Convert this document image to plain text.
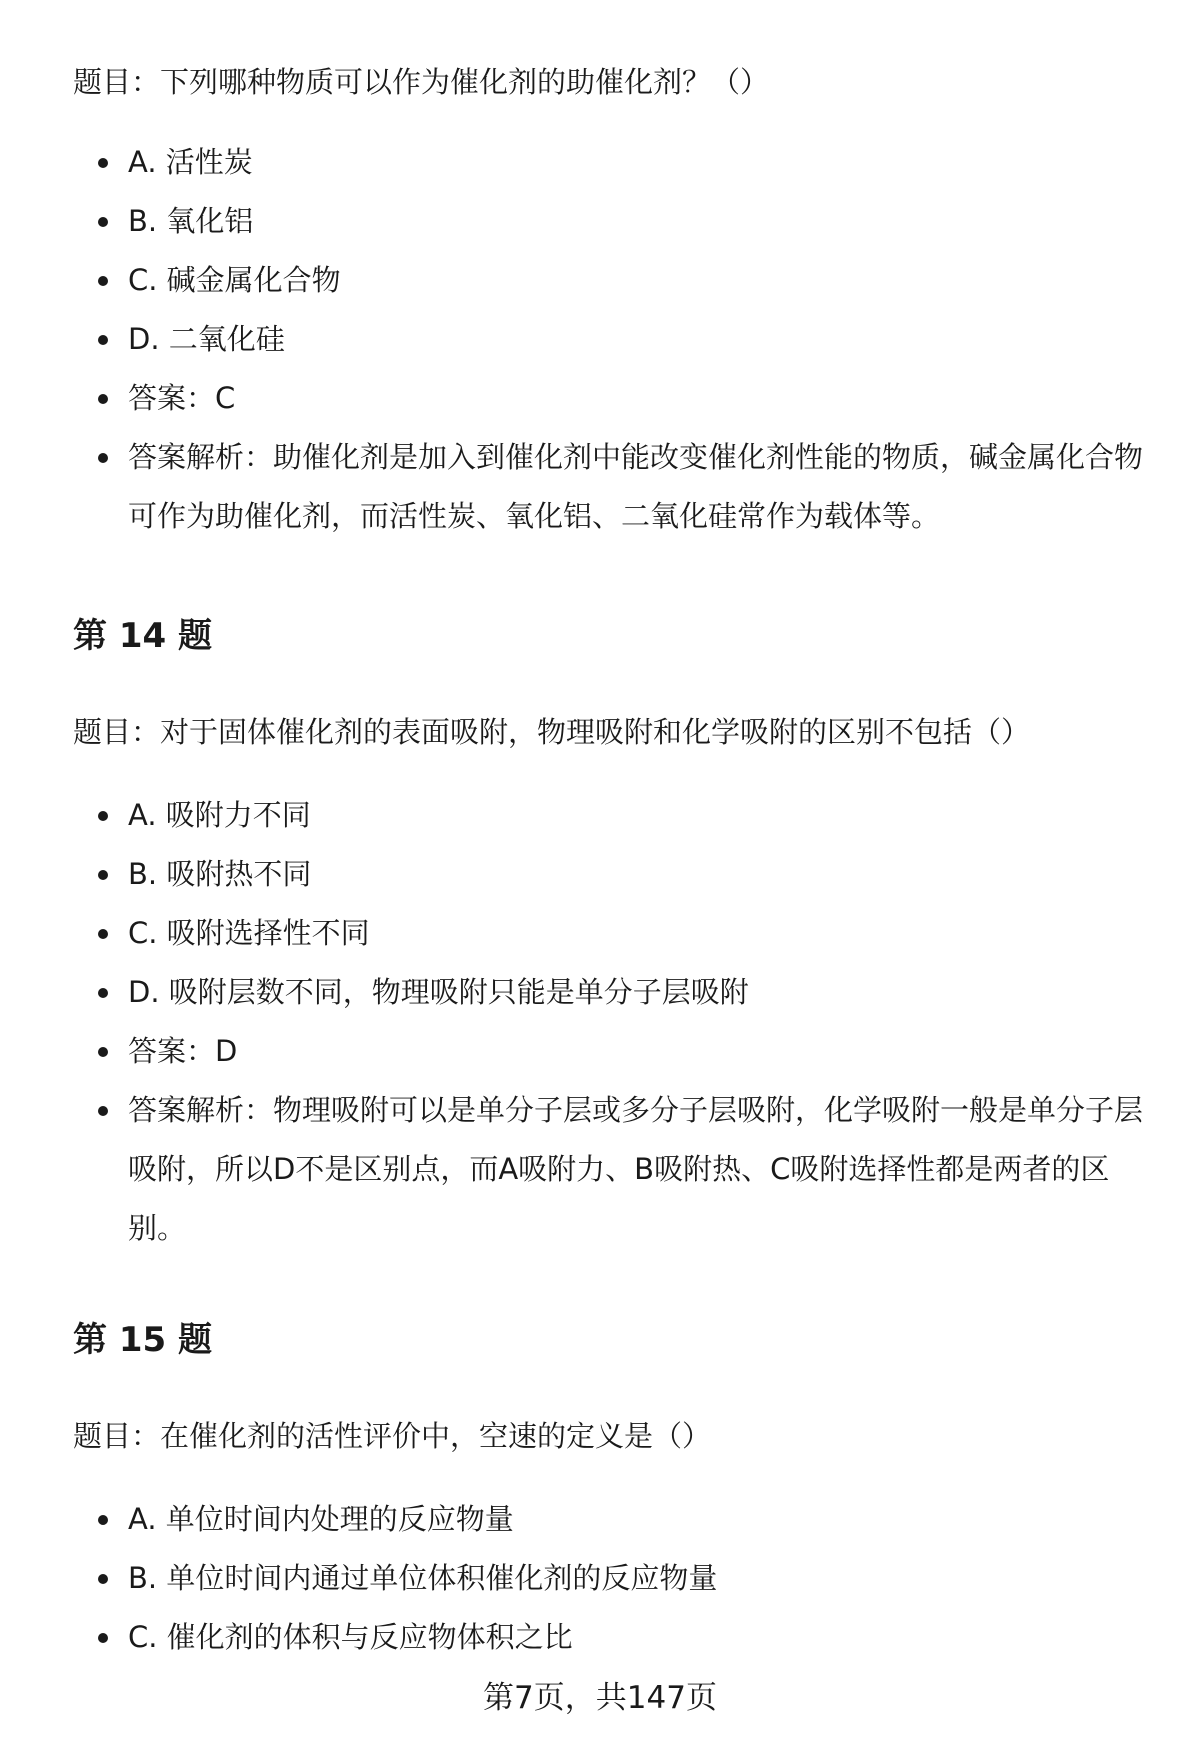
题目：下列哪种物质可以作为催化剂的助催化剂？（）

A. 活性炭
B. 氧化铝
C. 碱金属化合物
D. 二氧化硅
答案：C
答案解析：助催化剂是加入到催化剂中能改变催化剂性能的物质，碱金属化合物可作为助催化剂，而活性炭、氧化铝、二氧化硅常作为载体等。
第 14 题

题目：对于固体催化剂的表面吸附，物理吸附和化学吸附的区别不包括（）

A. 吸附力不同
B. 吸附热不同
C. 吸附选择性不同
D. 吸附层数不同，物理吸附只能是单分子层吸附
答案：D
答案解析：物理吸附可以是单分子层或多分子层吸附，化学吸附一般是单分子层吸附，所以D不是区别点，而A吸附力、B吸附热、C吸附选择性都是两者的区别。
第 15 题

题目：在催化剂的活性评价中，空速的定义是（）

A. 单位时间内处理的反应物量
B. 单位时间内通过单位体积催化剂的反应物量
C. 催化剂的体积与反应物体积之比
第7页，共147页
